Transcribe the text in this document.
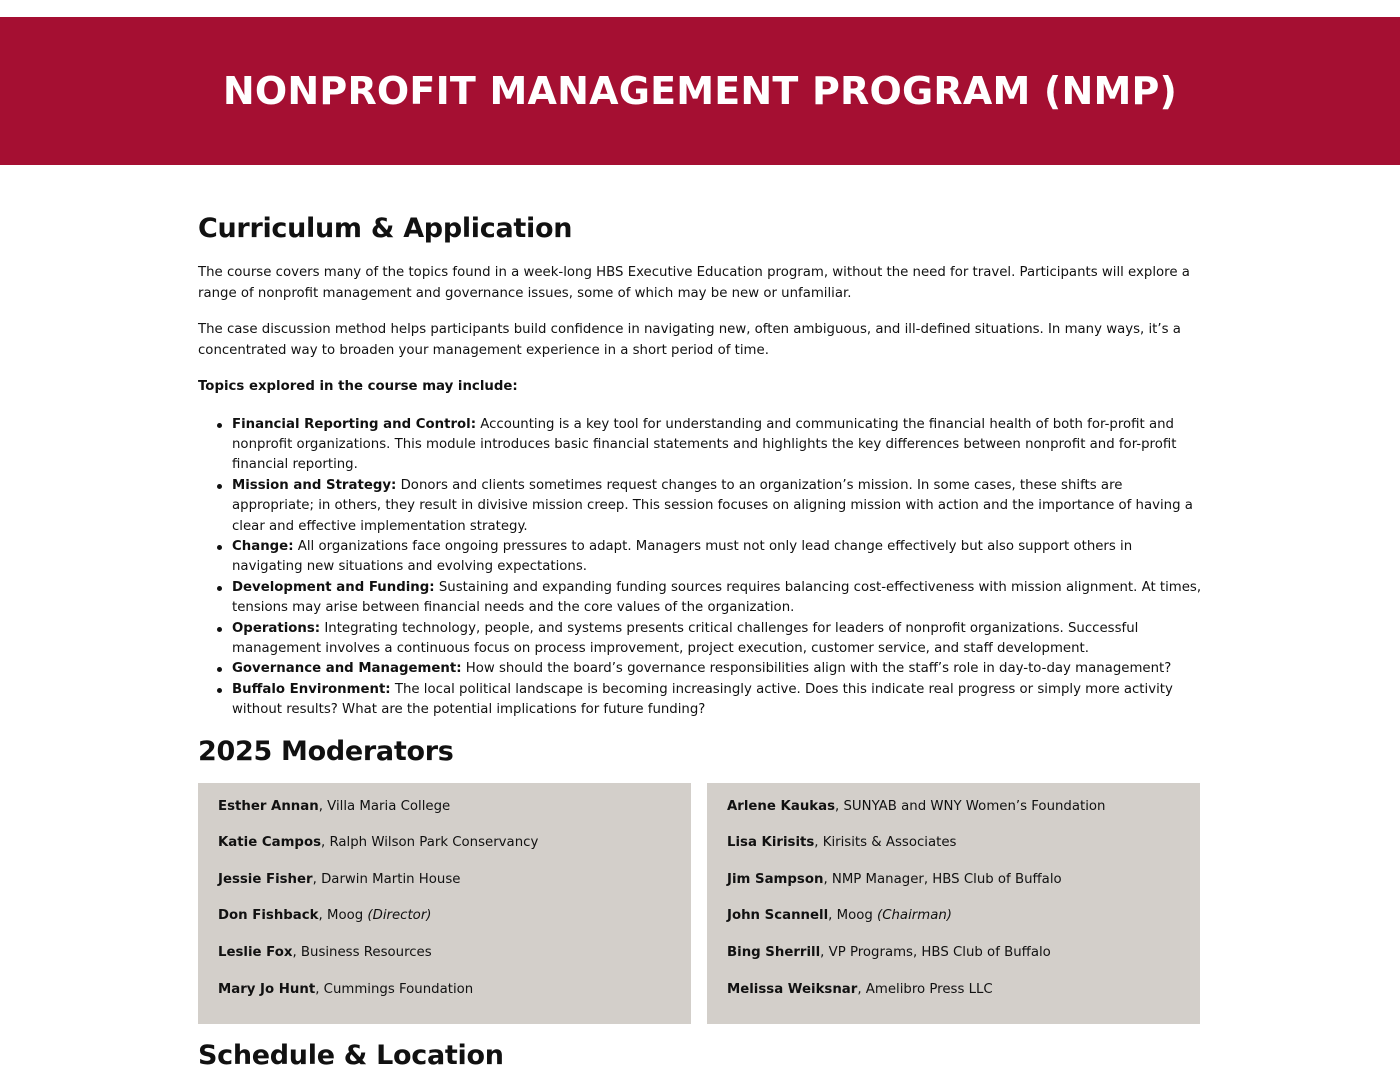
NONPROFIT MANAGEMENT PROGRAM (NMP)
Curriculum & Application

The course covers many of the topics found in a week-long HBS Executive Education program, without the need for travel. Participants will explore a range of nonprofit management and governance issues, some of which may be new or unfamiliar.

The case discussion method helps participants build confidence in navigating new, often ambiguous, and ill-defined situations. In many ways, it’s a concentrated way to broaden your management experience in a short period of time.

Topics explored in the course may include:

Financial Reporting and Control: Accounting is a key tool for understanding and communicating the financial health of both for-profit and nonprofit organizations. This module introduces basic financial statements and highlights the key differences between nonprofit and for-profit financial reporting.
Mission and Strategy: Donors and clients sometimes request changes to an organization’s mission. In some cases, these shifts are appropriate; in others, they result in divisive mission creep. This session focuses on aligning mission with action and the importance of having a clear and effective implementation strategy.
Change: All organizations face ongoing pressures to adapt. Managers must not only lead change effectively but also support others in navigating new situations and evolving expectations.
Development and Funding: Sustaining and expanding funding sources requires balancing cost-effectiveness with mission alignment. At times, tensions may arise between financial needs and the core values of the organization.
Operations: Integrating technology, people, and systems presents critical challenges for leaders of nonprofit organizations. Successful management involves a continuous focus on process improvement, project execution, customer service, and staff development.
Governance and Management: How should the board’s governance responsibilities align with the staff’s role in day-to-day management?
Buffalo Environment: The local political landscape is becoming increasingly active. Does this indicate real progress or simply more activity without results? What are the potential implications for future funding?
2025 Moderators
Esther Annan, Villa Maria College
Katie Campos, Ralph Wilson Park Conservancy
Jessie Fisher, Darwin Martin House
Don Fishback, Moog (Director)
Leslie Fox, Business Resources
Mary Jo Hunt, Cummings Foundation
Arlene Kaukas, SUNYAB and WNY Women’s Foundation
Lisa Kirisits, Kirisits & Associates
Jim Sampson, NMP Manager, HBS Club of Buffalo
John Scannell, Moog (Chairman)
Bing Sherrill, VP Programs, HBS Club of Buffalo
Melissa Weiksnar, Amelibro Press LLC
Schedule & Location
